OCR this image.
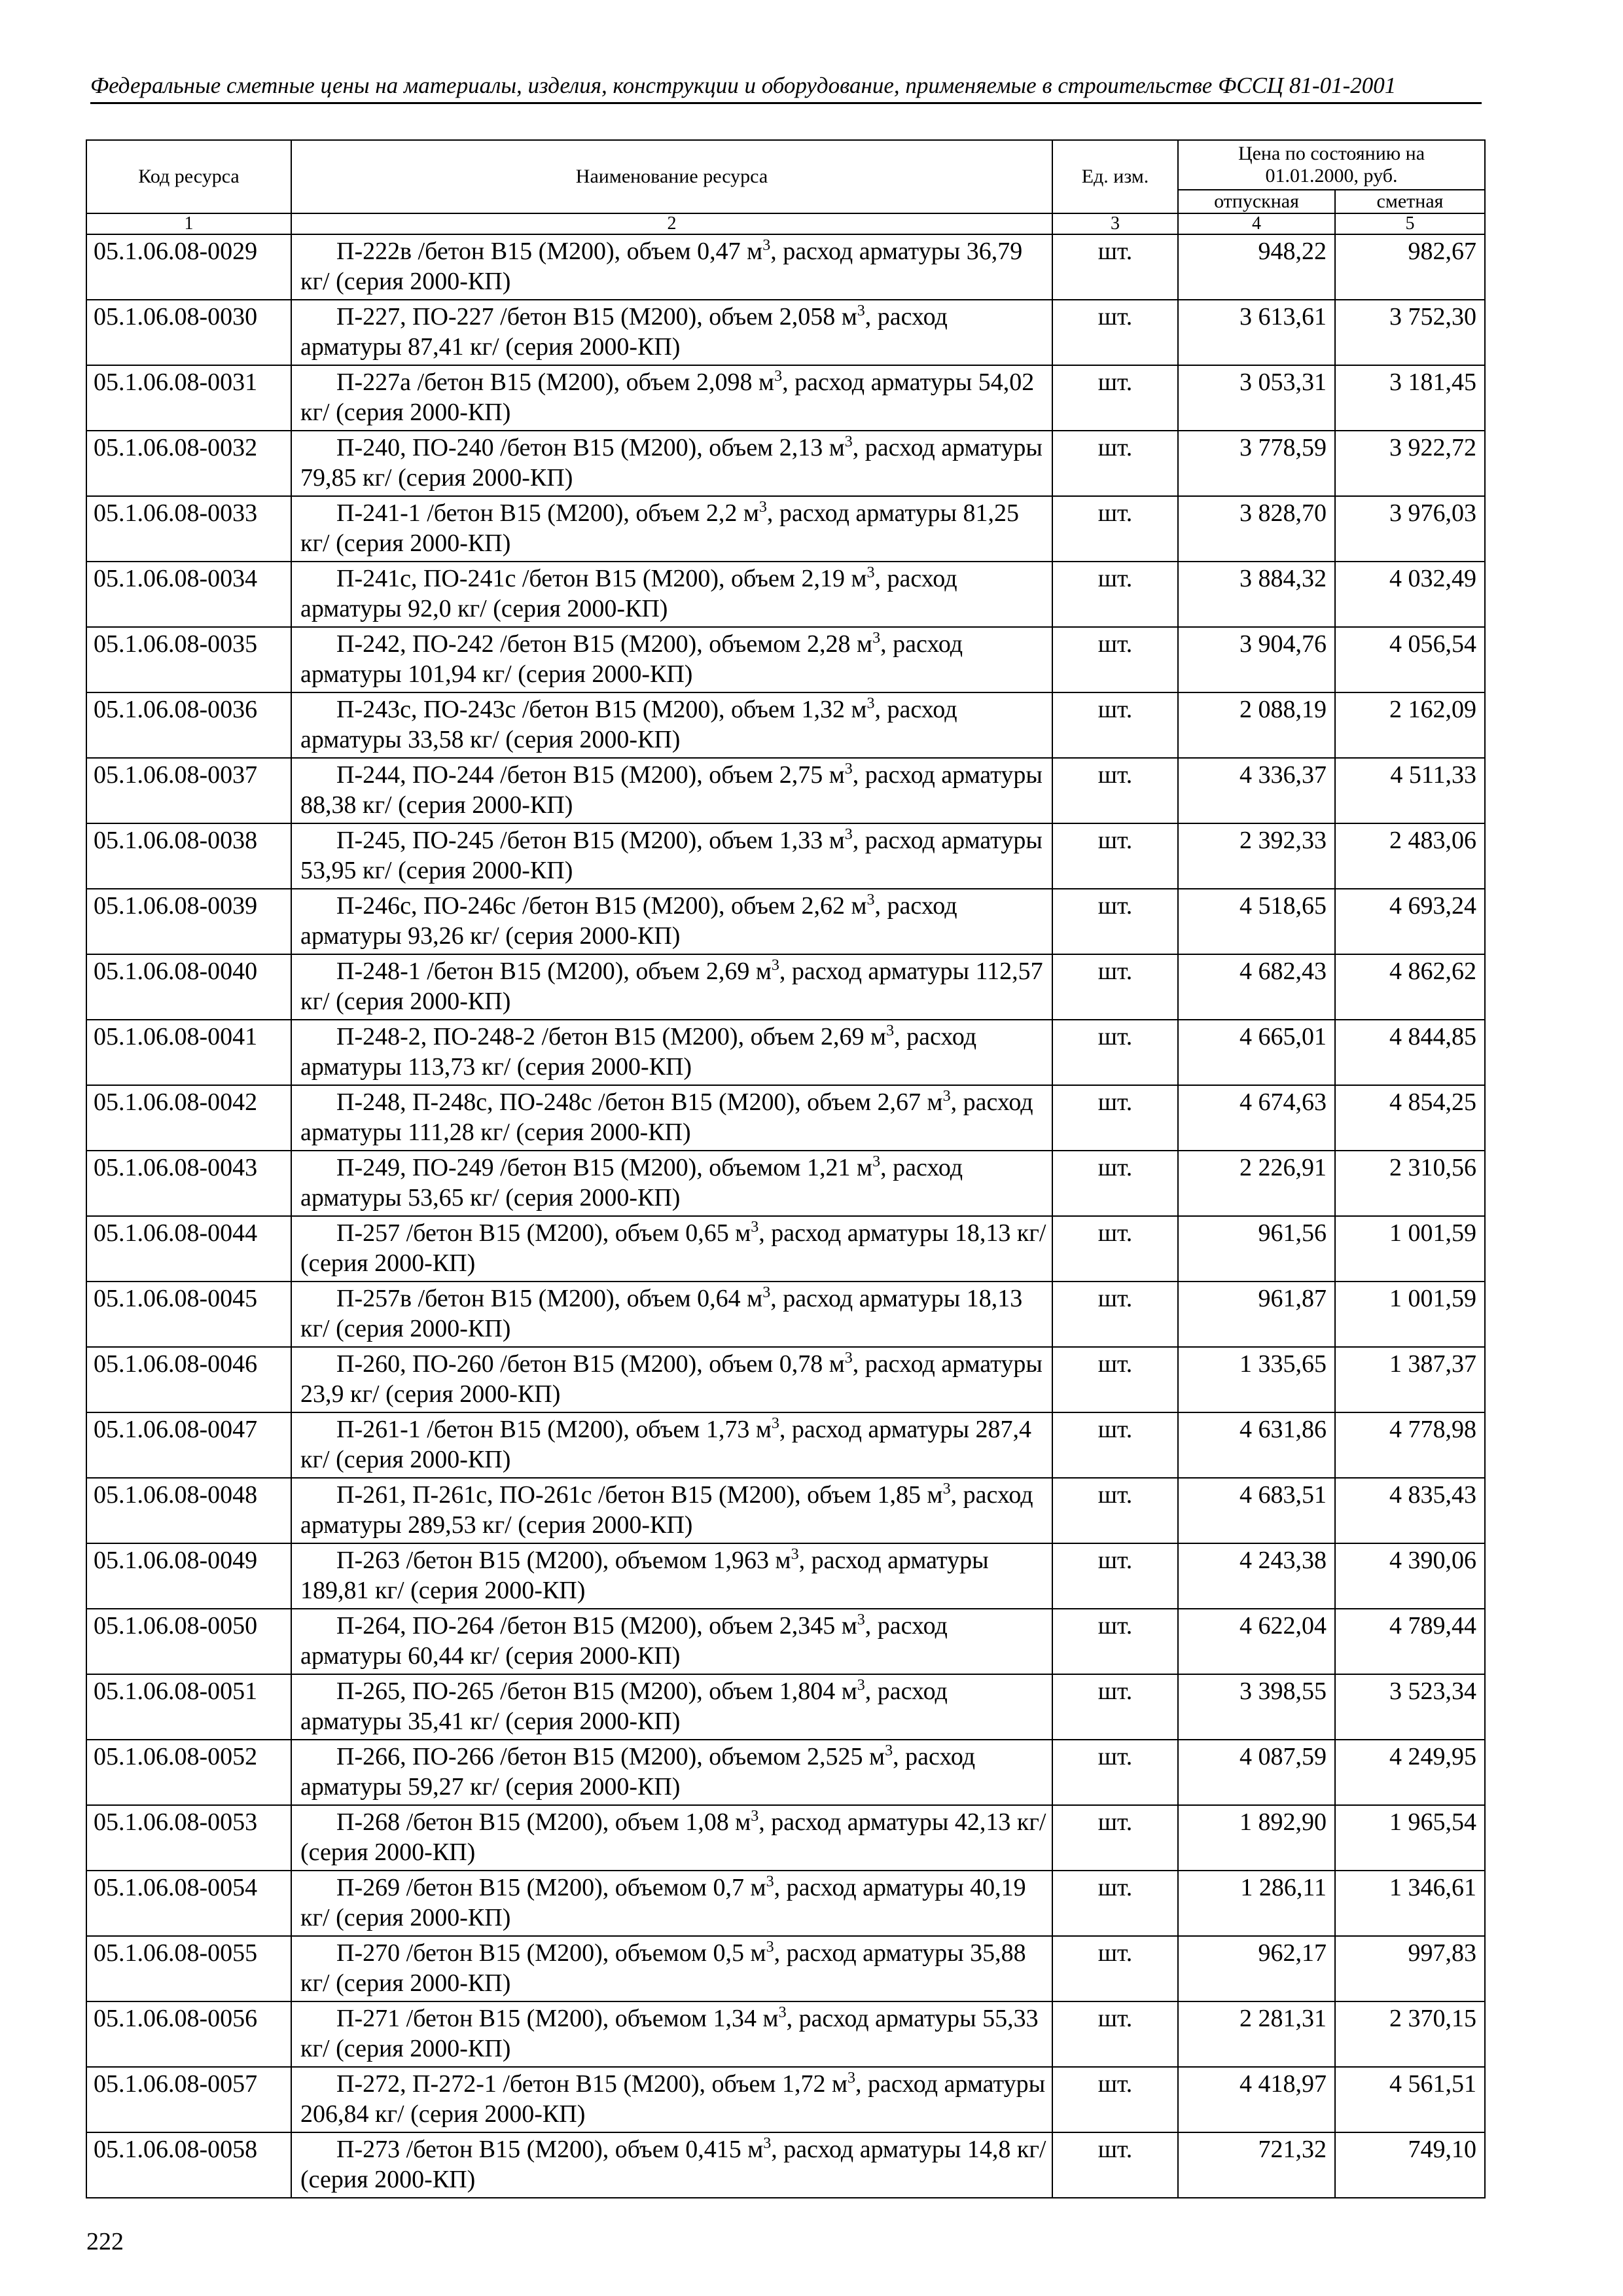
Федеральные сметные цены на материалы, изделия, конструкции и оборудование, применяемые в строительстве ФССЦ 81-01-2001
Код ресурса	Наименование ресурса	Ед. изм.	Цена по состоянию на 01.01.2000, руб.	
			отпускная	сметная
1	2	3	4	5
05.1.06.08-0029	П-222в /бетон В15 (М200), объем 0,47 $м^3$, расход арматуры 36,79 кг/ (серия 2000-КП)	шт.	948,22	982,67
05.1.06.08-0030	П-227, ПО-227 /бетон В15 (М200), объем 2,058 $м^3$, расход арматуры 87,41 кг/ (серия 2000-КП)	шт.	3 613,61	3 752,30
05.1.06.08-0031	П-227а /бетон В15 (М200), объем 2,098 $м^3$, расход арматуры 54,02 кг/ (серия 2000-КП)	шт.	3 053,31	3 181,45
05.1.06.08-0032	П-240, ПО-240 /бетон В15 (М200), объем 2,13 $м^3$, расход арматуры 79,85 кг/ (серия 2000-КП)	шт.	3 778,59	3 922,72
05.1.06.08-0033	П-241-1 /бетон В15 (М200), объем 2,2 $м^3$, расход арматуры 81,25 кг/ (серия 2000-КП)	шт.	3 828,70	3 976,03
05.1.06.08-0034	П-241с, ПО-241с /бетон В15 (М200), объем 2,19 $м^3$, расход арматуры 92,0 кг/ (серия 2000-КП)	шт.	3 884,32	4 032,49
05.1.06.08-0035	П-242, ПО-242 /бетон В15 (М200), объемом 2,28 $м^3$, расход арматуры 101,94 кг/ (серия 2000-КП)	шт.	3 904,76	4 056,54
05.1.06.08-0036	П-243с, ПО-243с /бетон В15 (М200), объем 1,32 $м^3$, расход арматуры 33,58 кг/ (серия 2000-КП)	шт.	2 088,19	2 162,09
05.1.06.08-0037	П-244, ПО-244 /бетон В15 (М200), объем 2,75 $м^3$, расход арматуры 88,38 кг/ (серия 2000-КП)	шт.	4 336,37	4 511,33
05.1.06.08-0038	П-245, ПО-245 /бетон В15 (М200), объем 1,33 $м^3$, расход арматуры 53,95 кг/ (серия 2000-КП)	шт.	2 392,33	2 483,06
05.1.06.08-0039	П-246с, ПО-246с /бетон В15 (М200), объем 2,62 $м^3$, расход арматуры 93,26 кг/ (серия 2000-КП)	шт.	4 518,65	4 693,24
05.1.06.08-0040	П-248-1 /бетон В15 (М200), объем 2,69 $м^3$, расход арматуры 112,57 кг/ (серия 2000-КП)	шт.	4 682,43	4 862,62
05.1.06.08-0041	П-248-2, ПО-248-2 /бетон В15 (М200), объем 2,69 $м^3$, расход арматуры 113,73 кг/ (серия 2000-КП)	шт.	4 665,01	4 844,85
05.1.06.08-0042	П-248, П-248с, ПО-248с /бетон В15 (М200), объем 2,67 $м^3$, расход арматуры 111,28 кг/ (серия 2000-КП)	шт.	4 674,63	4 854,25
05.1.06.08-0043	П-249, ПО-249 /бетон В15 (М200), объемом 1,21 $м^3$, расход арматуры 53,65 кг/ (серия 2000-КП)	шт.	2 226,91	2 310,56
05.1.06.08-0044	П-257 /бетон В15 (М200), объем 0,65 $м^3$, расход арматуры 18,13 кг/ (серия 2000-КП)	шт.	961,56	1 001,59
05.1.06.08-0045	П-257в /бетон В15 (М200), объем 0,64 $м^3$, расход арматуры 18,13 кг/ (серия 2000-КП)	шт.	961,87	1 001,59
05.1.06.08-0046	П-260, ПО-260 /бетон В15 (М200), объем 0,78 $м^3$, расход арматуры 23,9 кг/ (серия 2000-КП)	шт.	1 335,65	1 387,37
05.1.06.08-0047	П-261-1 /бетон В15 (М200), объем 1,73 $м^3$, расход арматуры 287,4 кг/ (серия 2000-КП)	шт.	4 631,86	4 778,98
05.1.06.08-0048	П-261, П-261с, ПО-261с /бетон В15 (М200), объем 1,85 $м^3$, расход арматуры 289,53 кг/ (серия 2000-КП)	шт.	4 683,51	4 835,43
05.1.06.08-0049	П-263 /бетон В15 (М200), объемом 1,963 $м^3$, расход арматуры 189,81 кг/ (серия 2000-КП)	шт.	4 243,38	4 390,06
05.1.06.08-0050	П-264, ПО-264 /бетон В15 (М200), объем 2,345 $м^3$, расход арматуры 60,44 кг/ (серия 2000-КП)	шт.	4 622,04	4 789,44
05.1.06.08-0051	П-265, ПО-265 /бетон В15 (М200), объем 1,804 $м^3$, расход арматуры 35,41 кг/ (серия 2000-КП)	шт.	3 398,55	3 523,34
05.1.06.08-0052	П-266, ПО-266 /бетон В15 (М200), объемом 2,525 $м^3$, расход арматуры 59,27 кг/ (серия 2000-КП)	шт.	4 087,59	4 249,95
05.1.06.08-0053	П-268 /бетон В15 (М200), объем 1,08 $м^3$, расход арматуры 42,13 кг/ (серия 2000-КП)	шт.	1 892,90	1 965,54
05.1.06.08-0054	П-269 /бетон В15 (М200), объемом 0,7 $м^3$, расход арматуры 40,19 кг/ (серия 2000-КП)	шт.	1 286,11	1 346,61
05.1.06.08-0055	П-270 /бетон В15 (М200), объемом 0,5 $м^3$, расход арматуры 35,88 кг/ (серия 2000-КП)	шт.	962,17	997,83
05.1.06.08-0056	П-271 /бетон В15 (М200), объемом 1,34 $м^3$, расход арматуры 55,33 кг/ (серия 2000-КП)	шт.	2 281,31	2 370,15
05.1.06.08-0057	П-272, П-272-1 /бетон В15 (М200), объем 1,72 $м^3$, расход арматуры 206,84 кг/ (серия 2000-КП)	шт.	4 418,97	4 561,51
05.1.06.08-0058	П-273 /бетон В15 (М200), объем 0,415 $м^3$, расход арматуры 14,8 кг/ (серия 2000-КП)	шт.	721,32	749,10
222
